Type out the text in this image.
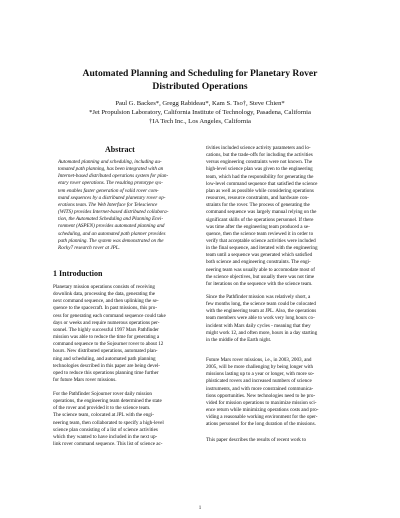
Automated Planning and Scheduling for Planetary Rover
Distributed Operations
Paul G. Backes*, Gregg Rabideau*, Kam S. Tso†, Steve Chien*
*Jet Propulsion Laboratory, California Institute of Technology, Pasadena, California
†IA Tech Inc., Los Angeles, California
Abstract
1 Introduction
Automated planning and scheduling, including au-
tomated path planning, has been integrated with an
Internet-based distributed operations system for plan-
etary rover operations. The resulting prototype sys-
tem enables faster generation of valid rover com-
mand sequences by a distributed planetary rover op-
erations team. The Web Interface for Telescience
(WITS) provides Internet-based distributed collabora-
tion, the Automated Scheduling and Planning Envi-
ronment (ASPEN) provides automated planning and
scheduling, and an automated path planner provides
path planning. The system was demonstrated on the
Rocky7 research rover at JPL.
Planetary mission operations consists of receiving
downlink data, processing the data, generating the
next command sequence, and then uplinking the se-
quence to the spacecraft. In past missions, this pro-
cess for generating each command sequence could take
days or weeks and require numerous operations per-
sonnel. The highly successful 1997 Mars Pathfinder
mission was able to reduce the time for generating a
command sequence to the Sojourner rover to about 12
hours. New distributed operations, automated plan-
ning and scheduling, and automated path planning
technologies described in this paper are being devel-
oped to reduce this operations planning time further
for future Mars rover missions.
For the Pathfinder Sojourner rover daily mission
operations, the engineering team determined the state
of the rover and provided it to the science team.
The science team, colocated at JPL with the engi-
neering team, then collaborated to specify a high-level
science plan consisting of a list of science activities
which they wanted to have included in the next up-
link rover command sequence. This list of science ac-
tivities included science activity parameters and lo-
cations, but the trade-offs for including the activities
versus engineering constraints were not known. The
high-level science plan was given to the engineering
team, which had the responsibility for generating the
low-level command sequence that satisfied the science
plan as well as possible while considering operations
resources, resource constraints, and hardware con-
straints for the rover. The process of generating the
command sequence was largely manual relying on the
significant skills of the operations personnel. If there
was time after the engineering team produced a se-
quence, then the science team reviewed it in order to
verify that acceptable science activities were included
in the final sequence, and iterated with the engineering
team until a sequence was generated which satisfied
both science and engineering constraints. The engi-
neering team was usually able to accomodate most of
the science objectives, but usually there was not time
for iterations on the sequence with the science team.
Since the Pathfinder mission was relatively short, a
few months long, the science team could be colocated
with the engineering team at JPL. Also, the operations
team members were able to work very long hours co-
incident with Mars daily cycles - meaning that they
might work 12, and often more, hours in a day starting
in the middle of the Earth night.
Future Mars rover missions, i.e., in 2003, 2003, and
2005, will be more challenging by being longer with
missions lasting up to a year or longer, with more so-
phisticated rovers and increased numbers of science
instruments, and with more constrained communica-
tions opportunities. New technologies need to be pro-
vided for mission operations to maximize mission sci-
ence return while minimizing operations costs and pro-
viding a reasonable working environment for the oper-
ations personnel for the long duration of the missions.
This paper describes the results of recent work to
1
